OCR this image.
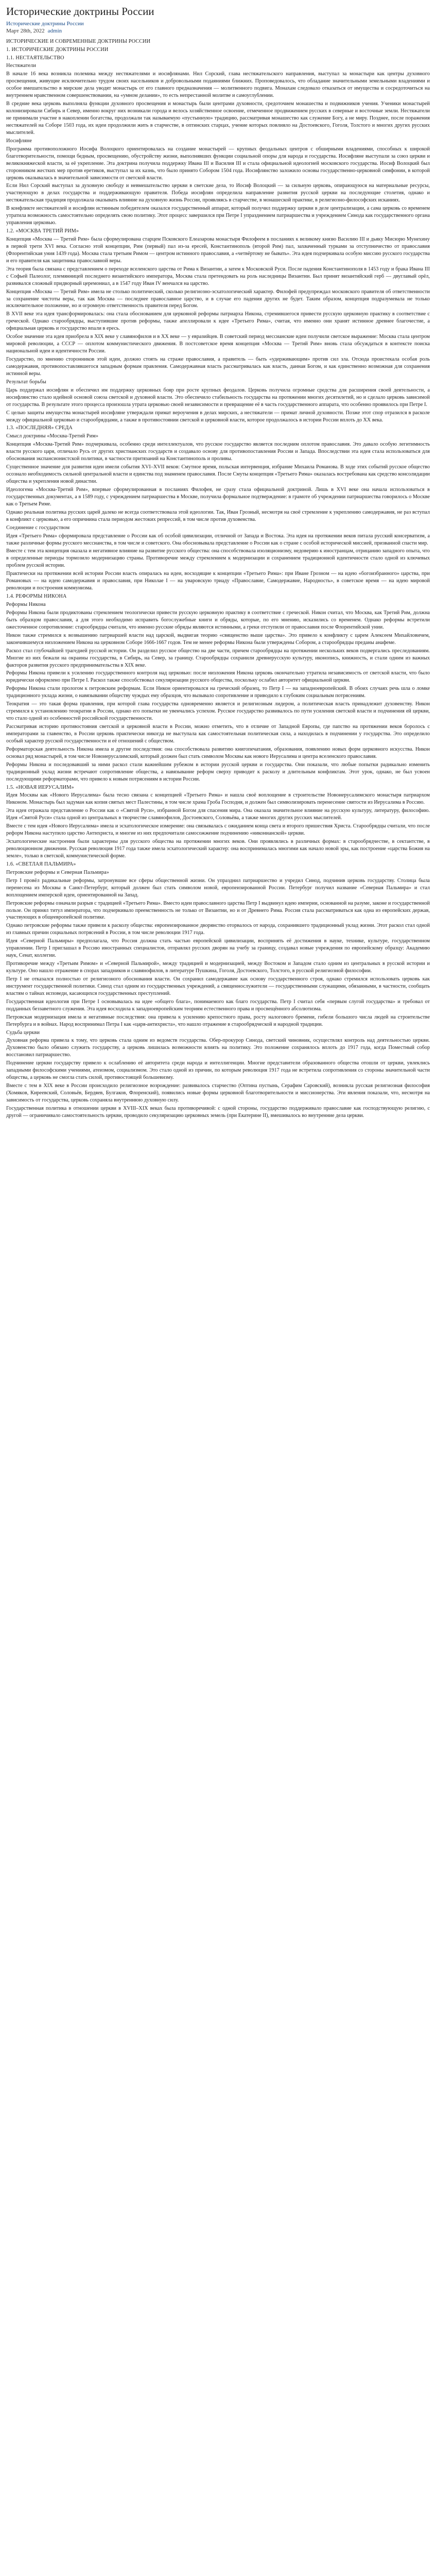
Исторические доктрины России
Исторические доктрины России
Март 28th, 2022 admin

ИСТОРИЧЕСКИЕ И СОВРЕМЕННЫЕ ДОКТРИНЫ РОССИИ

1. ИСТОРИЧЕСКИЕ ДОКТРИНЫ РОССИИ

1.1. НЕСТАЯТЕЛЬСТВО

Нестяжатели

В начале 16 века возникла полемика между нестяжателями и иосифлянами. Нил Сорский, глава нестяжательского направления, выступал за монастыри как центры духовного просвещения, живущие исключительно трудом своих насельников и добровольными подаяниями ближних. Проповедовалось, что обладание значительными земельными владениями и особое вмешательство в мирские дела уводят монастырь от его главного предназначения — молитвенного подвига. Монахам следовало отказаться от имущества и сосредоточиться на внутреннем нравственном совершенствовании, на «умном делании», то есть непрестанной молитве и самоуглублении.

В средние века церковь выполняла функции духовного просвещения и монастырь были центрами духовности, средоточием монашества и подвижников учения. Ученики монастырей колонизировали Сибирь и Север, именно вокруг них возникали города и велось хозяйственное освоение, отмеченное продвижением русских в северные и восточные земли. Нестяжатели не принимали участие в накоплении богатства, продолжали так называемую «пустынную» традицию, рассматривая монашество как служение Богу, а не миру. Позднее, после поражения нестяжателей на Соборе 1503 года, их идеи продолжили жить в старчестве, в оптинских старцах, учение которых повлияло на Достоевского, Гоголя, Толстого и многих других русских мыслителей.

Иосифляне

Программа противоположного Иосифа Волоцкого ориентировалась на создание монастырей — крупных феодальных центров с обширными владениями, способных к широкой благотворительности, помощи бедным, просвещению, обустройству жизни, выполнявших функции социальной опоры для народа и государства. Иосифляне выступали за союз церкви и великокняжеской власти, за её укрепление. Эта доктрина получила поддержку Ивана III и Василия III и стала официальной идеологией московского государства. Иосиф Волоцкий был сторонником жестких мер против еретиков, выступал за их казнь, что было принято Собором 1504 года. Иосифлянство заложило основы государственно-церковной симфонии, в которой церковь оказывалась в значительной зависимости от светской власти.

Если Нил Сорский выступал за духовную свободу и невмешательство церкви в светские дела, то Иосиф Волоцкий — за сильную церковь, опирающуюся на материальные ресурсы, участвующую в делах государства и поддерживающую правителя. Победа иосифлян определила направление развития русской церкви на последующие столетия, однако и нестяжательская традиция продолжала оказывать влияние на духовную жизнь России, проявляясь в старчестве, в монашеской практике, в религиозно-философских исканиях.

В конфликте нестяжателей и иосифлян истинным победителем оказался государственный аппарат, который получил поддержку церкви в деле централизации, а сама церковь со временем утратила возможность самостоятельно определять свою политику. Этот процесс завершился при Петре I упразднением патриаршества и учреждением Синода как государственного органа управления церковью.

1.2. «МОСКВА ТРЕТИЙ РИМ»

Концепция «Москва — Третий Рим» была сформулирована старцем Псковского Елеазарова монастыря Филофеем в посланиях к великому князю Василию III и дьяку Мисюрю Мунехину в первой трети XVI века. Согласно этой концепции, Рим (первый) пал из-за ересей, Константинополь (второй Рим) пал, захваченный турками за отступничество от православия (Флорентийская уния 1439 года). Москва стала третьим Римом — центром истинного православия, а «четвёртому не бывать». Эта идея подчеркивала особую миссию русского государства и его правителя как защитника православной веры.

Эта теория была связана с представлением о переходе вселенского царства от Рима к Византии, а затем к Московской Руси. После падения Константинополя в 1453 году и брака Ивана III с Софьей Палеолог, племянницей последнего византийского императора, Москва стала претендовать на роль наследницы Византии. Был принят византийский герб — двуглавый орёл, развивался сложный придворный церемониал, а в 1547 году Иван IV венчался на царство.

Концепция «Москва — Третий Рим» имела не столько политический, сколько религиозно-эсхатологический характер. Филофей предупреждал московского правителя об ответственности за сохранение чистоты веры, так как Москва — последнее православное царство, и в случае его падения других не будет. Таким образом, концепция подразумевала не только исключительное положение, но и огромную ответственность правителя перед Богом.

В XVII веке эта идея трансформировалась: она стала обоснованием для церковной реформы патриарха Никона, стремившегося привести русскую церковную практику в соответствие с греческой. Однако старообрядцы, выступившие против реформы, также апеллировали к идее «Третьего Рима», считая, что именно они хранят истинное древнее благочестие, а официальная церковь и государство впали в ересь.

Особое значение эта идея приобрела в XIX веке у славянофилов и в XX веке — у евразийцев. В советский период мессианские идеи получили светское выражение: Москва стала центром мировой революции, а СССР — оплотом коммунистического движения. В постсоветское время концепция «Москва — Третий Рим» вновь стала обсуждаться в контексте поиска национальной идеи и идентичности России.

Государство, по мнению сторонников этой идеи, должно стоять на страже православия, а правитель — быть «удерживающим» против сил зла. Отсюда проистекала особая роль самодержавия, противопоставлявшегося западным формам правления. Самодержавная власть рассматривалась как власть, данная Богом, и как единственно возможная для сохранения истинной веры.

Результат борьбы

Царь поддержал иосифлян и обеспечил им поддержку церковных бояр при росте крупных феодалов. Церковь получила огромные средства для расширения своей деятельности, а иосифлянство стало идейной основой союза светской и духовной власти. Это обеспечило стабильность государства на протяжении многих десятилетий, но и сделало церковь зависимой от государства. В результате этого процесса произошла утрата церковью своей независимости и превращение её в часть государственного аппарата, что особенно проявилось при Петре I.

С целью защиты имущества монастырей иосифляне утверждали примат вероучения в делах мирских, а нестяжатели — примат личной духовности. Позже этот спор отразился в расколе между официальной церковью и старообрядцами, а также в противостоянии светской и церковной власти, которое продолжалось в истории России вплоть до XX века.

1.3. «ПОСЛЕДНЯЯ» СРЕДА

Смысл доктрины «Москва-Третий Рим»

Концепция «Москва-Третий Рим» подчеркивала, особенно среди интеллектуалов, что русское государство является последним оплотом православия. Это давало особую легитимность власти русского царя, отличало Русь от других христианских государств и создавало основу для противопоставления России и Запада. Впоследствии эта идея стала использоваться для обоснования экспансионистской политики, в частности притязаний на Константинополь и проливы.

Существенное значение для развития идеи имели события XVI–XVII веков: Смутное время, польская интервенция, избрание Михаила Романова. В ходе этих событий русское общество осознало необходимость сильной центральной власти и единства под знаменем православия. После Смуты концепция «Третьего Рима» оказалась востребована как средство консолидации общества и укрепления новой династии.

Идеологема «Москва-Третий Рим», впервые сформулированная в посланиях Филофея, не сразу стала официальной доктриной. Лишь в XVI веке она начала использоваться в государственных документах, а в 1589 году, с учреждением патриаршества в Москве, получила формальное подтверждение: в грамоте об учреждении патриаршества говорилось о Москве как о Третьем Риме.

Однако реальная политика русских царей далеко не всегда соответствовала этой идеологии. Так, Иван Грозный, несмотря на своё стремление к укреплению самодержавия, не раз вступал в конфликт с церковью, а его опричнина стала периодом жестоких репрессий, в том числе против духовенства.

Соединение с государством

Идея «Третьего Рима» сформировала представление о России как об особой цивилизации, отличной от Запада и Востока. Эта идея на протяжении веков питала русский консерватизм, а также различные формы русского мессианства, в том числе и советского. Она обосновывала представление о России как о стране с особой исторической миссией, призванной спасти мир.

Вместе с тем эта концепция оказала и негативное влияние на развитие русского общества: она способствовала изоляционизму, недоверию к иностранцам, отрицанию западного опыта, что в определенные периоды тормозило модернизацию страны. Противоречие между стремлением к модернизации и сохранением традиционной идентичности стало одной из ключевых проблем русской истории.

Практически на протяжении всей истории России власть опиралась на идеи, восходящие к концепции «Третьего Рима»: при Иване Грозном — на идею «богоизбранного» царства, при Романовых — на идею самодержавия и православия, при Николае I — на уваровскую триаду «Православие, Самодержавие, Народность», в советское время — на идею мировой революции и построения коммунизма.

1.4. РЕФОРМЫ НИКОНА

Реформы Никона

Реформы Никона были продиктованы стремлением теологически привести русскую церковную практику в соответствие с греческой. Никон считал, что Москва, как Третий Рим, должна быть образцом православия, а для этого необходимо исправить богослужебные книги и обряды, которые, по его мнению, исказились со временем. Однако реформы встретили ожесточенное сопротивление: старообрядцы считали, что именно русские обряды являются истинными, а греки отступили от православия после Флорентийской унии.

Никон также стремился к возвышению патриаршей власти над царской, выдвигая теорию «священство выше царства». Это привело к конфликту с царем Алексеем Михайловичем, закончившемуся низложением Никона на церковном Соборе 1666-1667 годов. Тем не менее реформы Никона были утверждены Собором, а старообрядцы преданы анафеме.

Раскол стал глубочайшей трагедией русской истории. Он разделил русское общество на две части, причем старообрядцы на протяжении нескольких веков подвергались преследованиям. Многие из них бежали на окраины государства, в Сибирь, на Север, за границу. Старообрядцы сохранили древнерусскую культуру, иконопись, книжность, и стали одним из важных факторов развития русского предпринимательства в XIX веке.

Реформы Никона привели к усилению государственного контроля над церковью: после низложения Никона церковь окончательно утратила независимость от светской власти, что было юридически оформлено при Петре I. Раскол также способствовал секуляризации русского общества, поскольку ослабил авторитет официальной церкви.

Реформы Никона стали прологом к петровским реформам. Если Никон ориентировался на греческий образец, то Петр I — на западноевропейский. В обоих случаях речь шла о ломке традиционного уклада жизни, о навязывании обществу чуждых ему образцов, что вызывало сопротивление и приводило к глубоким социальным потрясениям.

Теократия — это такая форма правления, при которой глава государства одновременно является и религиозным лидером, а политическая власть принадлежит духовенству. Никон стремился к установлению теократии в России, однако его попытки не увенчались успехом. Русское государство развивалось по пути усиления светской власти и подчинения ей церкви, что стало одной из особенностей российской государственности.

Рассматривая историю противостояния светской и церковной власти в России, можно отметить, что в отличие от Западной Европы, где папство на протяжении веков боролось с императорами за главенство, в России церковь практически никогда не выступала как самостоятельная политическая сила, а находилась в подчинении у государства. Это определило особый характер русской государственности и её отношений с обществом.

Реформаторская деятельность Никона имела и другие последствия: она способствовала развитию книгопечатания, образования, появлению новых форм церковного искусства. Никон основал ряд монастырей, в том числе Новоиерусалимский, который должен был стать символом Москвы как нового Иерусалима и центра вселенского православия.

Реформы Никона и последовавший за ними раскол стали важнейшим рубежом в истории русской церкви и государства. Они показали, что любые попытки радикально изменить традиционный уклад жизни встречают сопротивление общества, а навязывание реформ сверху приводит к расколу и длительным конфликтам. Этот урок, однако, не был усвоен последующими реформаторами, что привело к новым потрясениям в истории России.

1.5. «НОВАЯ ИЕРУСАЛИМ»

Идея Москвы как «Нового Иерусалима» была тесно связана с концепцией «Третьего Рима» и нашла своё воплощение в строительстве Новоиерусалимского монастыря патриархом Никоном. Монастырь был задуман как копия святых мест Палестины, в том числе храма Гроба Господня, и должен был символизировать перенесение святости из Иерусалима в Россию.

Эта идея отражала представление о России как о «Святой Руси», избранной Богом для спасения мира. Она оказала значительное влияние на русскую культуру, литературу, философию. Идея «Святой Руси» стала одной из центральных в творчестве славянофилов, Достоевского, Соловьёва, а также многих других русских мыслителей.

Вместе с тем идея «Нового Иерусалима» имела и эсхатологическое измерение: она связывалась с ожиданием конца света и второго пришествия Христа. Старообрядцы считали, что после реформ Никона наступило царство Антихриста, и многие из них предпочитали самосожжение подчинению «никонианской» церкви.

Эсхатологические настроения были характерны для русского общества на протяжении многих веков. Они проявлялись в различных формах: в старообрядчестве, в сектантстве, в революционном движении. Русская революция 1917 года также имела эсхатологический характер: она воспринималась многими как начало новой эры, как построение «царства Божия на земле», только в светской, коммунистической форме.

1.6. «СВЕТЛАЯ ПАЛЬМИРА»

Петровские реформы и Северная Пальмира»

Петр I провёл радикальные реформы, затронувшие все сферы общественной жизни. Он упразднил патриаршество и учредил Синод, подчинив церковь государству. Столица была перенесена из Москвы в Санкт-Петербург, который должен был стать символом новой, европеизированной России. Петербург получил название «Северная Пальмира» и стал воплощением имперской идеи, ориентированной на Запад.

Петровские реформы означали разрыв с традицией «Третьего Рима». Вместо идеи православного царства Петр I выдвинул идею империи, основанной на разуме, законе и государственной пользе. Он принял титул императора, что подчеркивало преемственность не только от Византии, но и от Древнего Рима. Россия стала рассматриваться как одна из европейских держав, участвующих в общеевропейской политике.

Однако петровские реформы также привели к расколу общества: европеизированное дворянство оторвалось от народа, сохранившего традиционный уклад жизни. Этот раскол стал одной из главных причин социальных потрясений в России, в том числе революции 1917 года.

Идея «Северной Пальмиры» предполагала, что Россия должна стать частью европейской цивилизации, воспринять её достижения в науке, технике, культуре, государственном управлении. Петр I приглашал в Россию иностранных специалистов, отправлял русских дворян на учебу за границу, создавал новые учреждения по европейскому образцу: Академию наук, Сенат, коллегии.

Противоречие между «Третьим Римом» и «Северной Пальмирой», между традицией и модернизацией, между Востоком и Западом стало одним из центральных в русской истории и культуре. Оно нашло отражение в спорах западников и славянофилов, в литературе Пушкина, Гоголя, Достоевского, Толстого, в русской религиозной философии.

Петр I не отказался полностью от религиозного обоснования власти. Он сохранил самодержавие как основу государственного строя, однако стремился использовать церковь как инструмент государственной политики. Синод стал одним из государственных учреждений, а священнослужители — государственными служащими, обязанными, в частности, сообщать властям о тайнах исповеди, касающихся государственных преступлений.

Государственная идеология при Петре I основывалась на идее «общего блага», понимаемого как благо государства. Петр I считал себя «первым слугой государства» и требовал от подданных беззаветного служения. Эта идея восходила к западноевропейским теориям естественного права и просвещённого абсолютизма.

Петровская модернизация имела и негативные последствия: она привела к усилению крепостного права, росту налогового бремени, гибели большого числа людей на строительстве Петербурга и в войнах. Народ воспринимал Петра I как «царя-антихриста», что нашло отражение в старообрядческой и народной традиции.

Судьба церкви

Духовная реформа привела к тому, что церковь стала одним из ведомств государства. Обер-прокурор Синода, светский чиновник, осуществлял контроль над деятельностью церкви. Духовенство было обязано служить государству, а церковь лишилась возможности влиять на политику. Это положение сохранялось вплоть до 1917 года, когда Поместный собор восстановил патриаршество.

Подчинение церкви государству привело к ослаблению её авторитета среди народа и интеллигенции. Многие представители образованного общества отошли от церкви, увлеклись западными философскими учениями, атеизмом, социализмом. Это стало одной из причин, по которым революция 1917 года не встретила сопротивления со стороны значительной части общества, а церковь не смогла стать силой, противостоящей большевизму.

Вместе с тем в XIX веке в России происходило религиозное возрождение: развивалось старчество (Оптина пустынь, Серафим Саровский), возникла русская религиозная философия (Хомяков, Киреевский, Соловьёв, Бердяев, Булгаков, Флоренский), появились новые формы церковной благотворительности и миссионерства. Эти явления показали, что, несмотря на зависимость от государства, церковь сохраняла внутреннюю духовную силу.

Государственная политика в отношении церкви в XVIII–XIX веках была противоречивой: с одной стороны, государство поддерживало православие как господствующую религию, с другой — ограничивало самостоятельность церкви, проводило секуляризацию церковных земель (при Екатерине II), вмешивалось во внутренние дела церкви.
